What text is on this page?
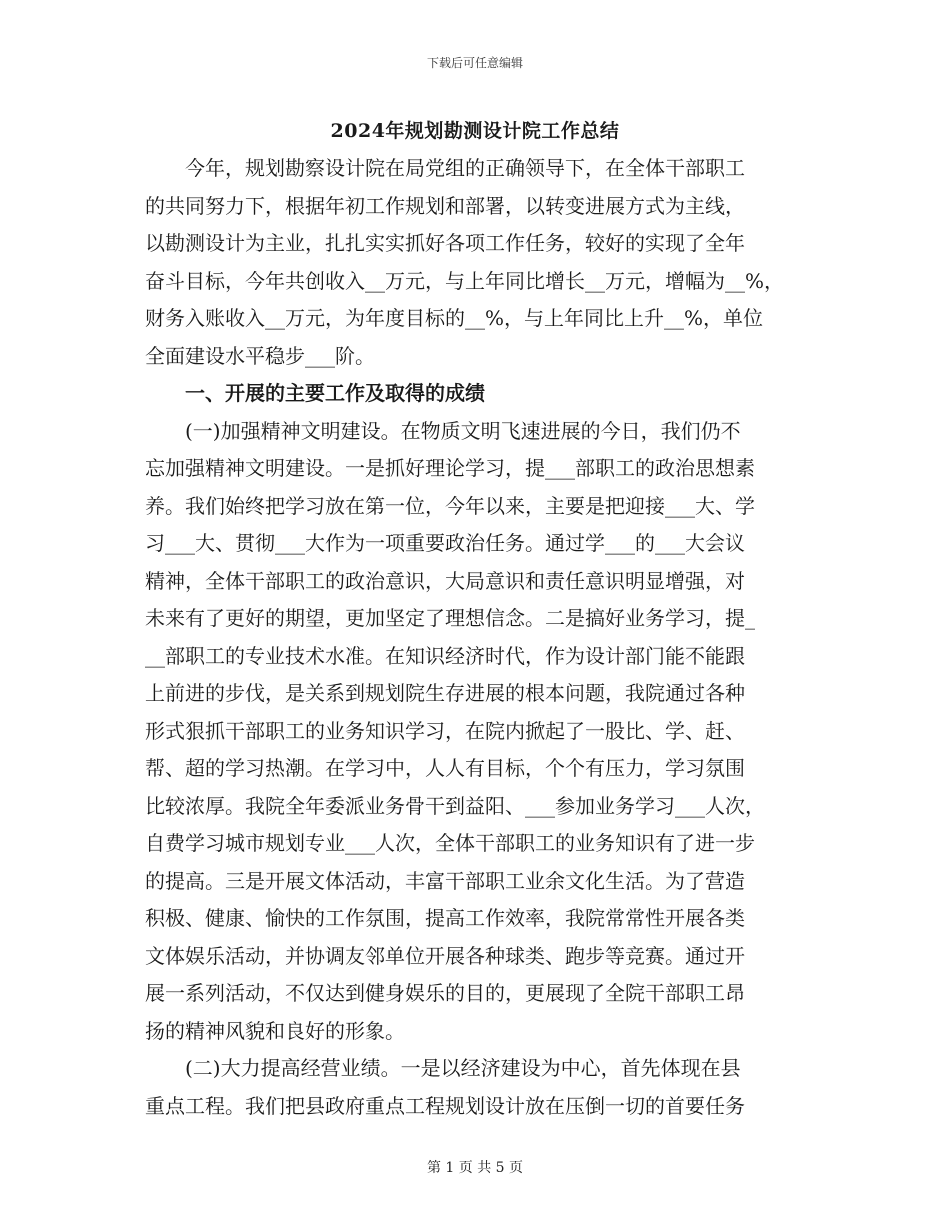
下载后可任意编辑
2024年规划勘测设计院工作总结
今年，规划勘察设计院在局党组的正确领导下，在全体干部职工
的共同努力下，根据年初工作规划和部署，以转变进展方式为主线，
以勘测设计为主业，扎扎实实抓好各项工作任务，较好的实现了全年
奋斗目标，今年共创收入__万元，与上年同比增长__万元，增幅为__%，
财务入账收入__万元，为年度目标的__%，与上年同比上升__%，单位
全面建设水平稳步___阶。
一、开展的主要工作及取得的成绩
(一)加强精神文明建设。在物质文明飞速进展的今日，我们仍不
忘加强精神文明建设。一是抓好理论学习，提___部职工的政治思想素
养。我们始终把学习放在第一位，今年以来，主要是把迎接___大、学
习___大、贯彻___大作为一项重要政治任务。通过学___的___大会议
精神，全体干部职工的政治意识，大局意识和责任意识明显增强，对
未来有了更好的期望，更加坚定了理想信念。二是搞好业务学习，提_
__部职工的专业技术水准。在知识经济时代，作为设计部门能不能跟
上前进的步伐，是关系到规划院生存进展的根本问题，我院通过各种
形式狠抓干部职工的业务知识学习，在院内掀起了一股比、学、赶、
帮、超的学习热潮。在学习中，人人有目标，个个有压力，学习氛围
比较浓厚。我院全年委派业务骨干到益阳、___参加业务学习___人次，
自费学习城市规划专业___人次，全体干部职工的业务知识有了进一步
的提高。三是开展文体活动，丰富干部职工业余文化生活。为了营造
积极、健康、愉快的工作氛围，提高工作效率，我院常常性开展各类
文体娱乐活动，并协调友邻单位开展各种球类、跑步等竞赛。通过开
展一系列活动，不仅达到健身娱乐的目的，更展现了全院干部职工昂
扬的精神风貌和良好的形象。
(二)大力提高经营业绩。一是以经济建设为中心，首先体现在县
重点工程。我们把县政府重点工程规划设计放在压倒一切的首要任务
第 1 页 共 5 页
